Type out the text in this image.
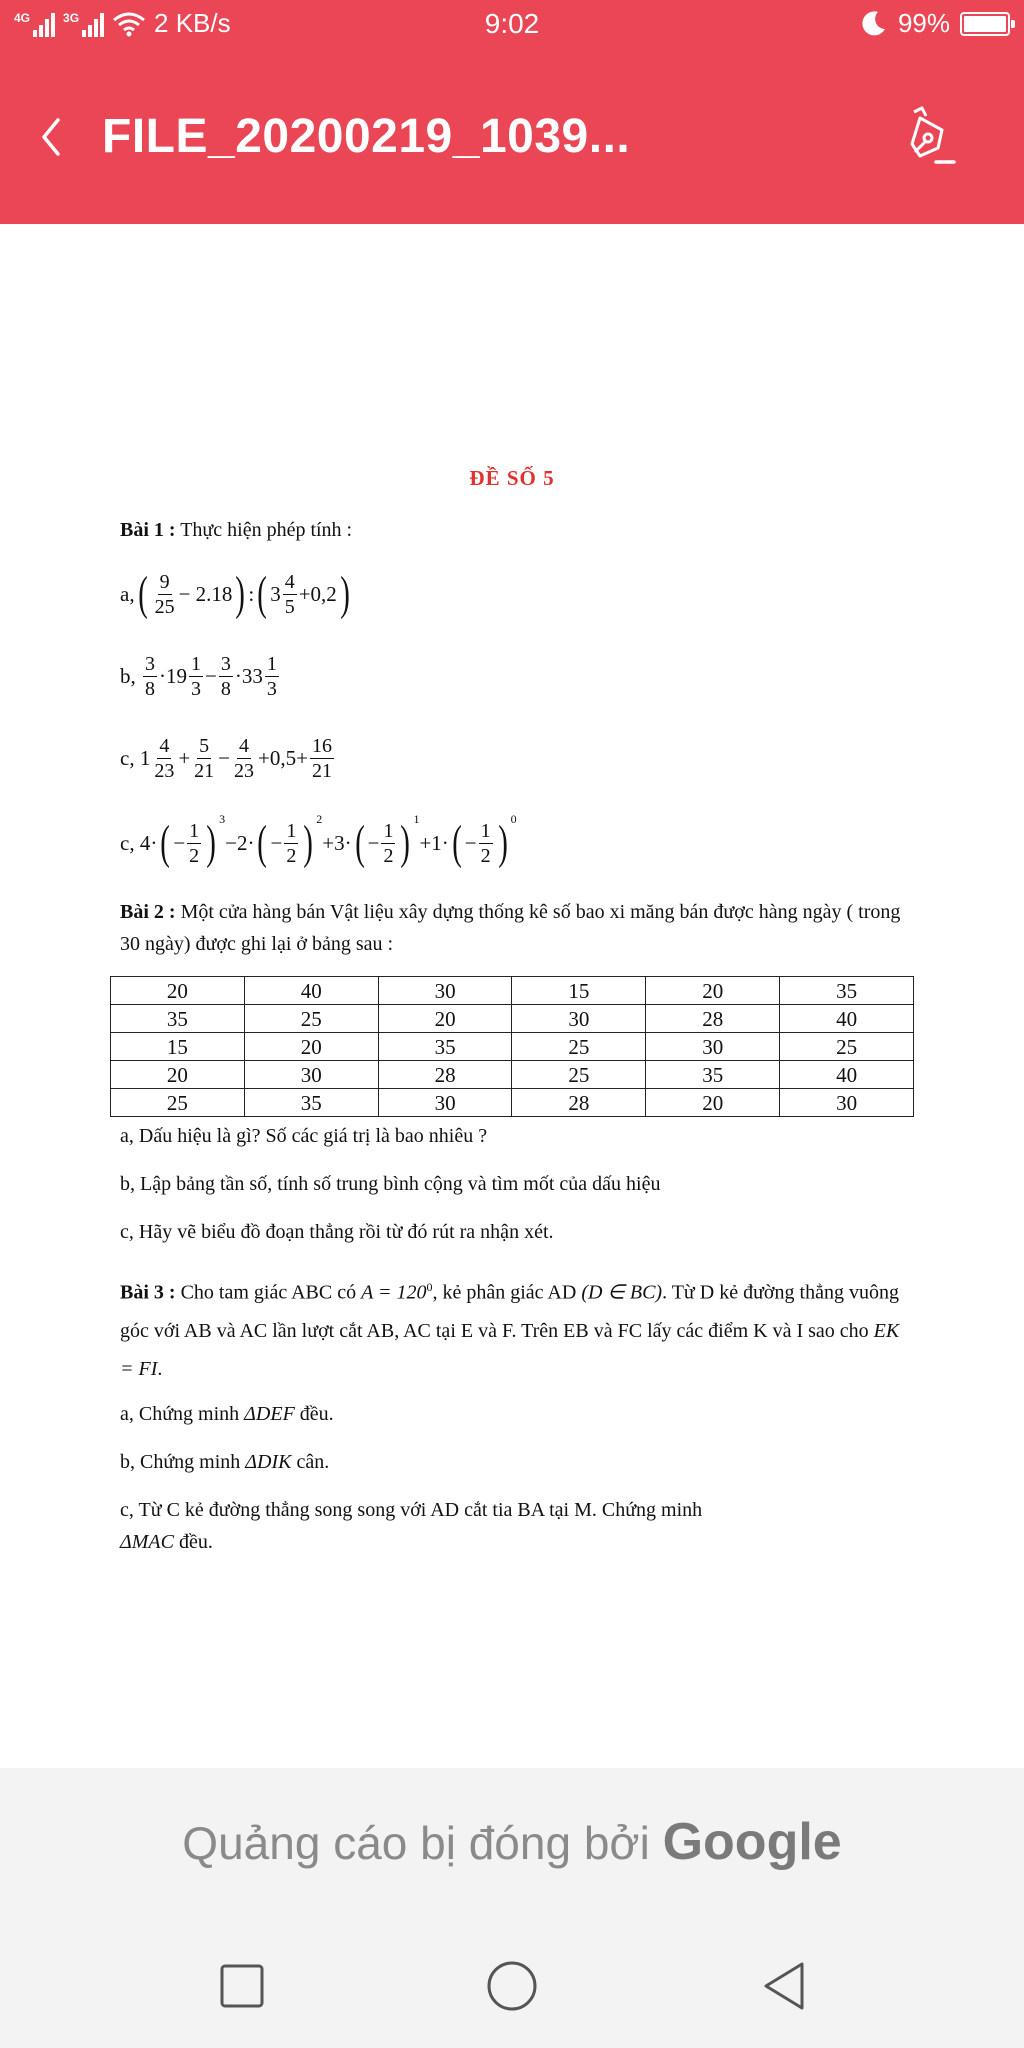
4G	3G	2 KB/s	9:02	99%
FILE_20200219_1039...
ĐỀ SỐ 5
Bài 1 : Thực hiện phép tính :
a, ( $\frac{9}{25} - 2.18$ ) : ( $3 \frac{4}{5} +0,2$ )
b,
$\frac{3}{8} \cdot 19 \frac{1}{3} - \frac{3}{8} \cdot 33 \frac{1}{3}$
c,
$1 \frac{4}{23} + \frac{5}{21} - \frac{4}{23} +0,5+ \frac{16}{21}$
c,
4· ( − $\frac{1}{2}$ ) 3
−2· ( − $\frac{1}{2}$ ) 2
+3· ( − $\frac{1}{2}$ ) 1
+1· ( − $\frac{1}{2}$ ) 0
Bài 2 : Một cửa hàng bán Vật liệu xây dựng thống kê số bao xi măng bán được hàng ngày ( trong 30 ngày) được ghi lại ở bảng sau :
20	40	30	15	20	35
35	25	20	30	28	40
15	20	35	25	30	25
20	30	28	25	35	40
25	35	30	28	20	30
a, Dấu hiệu là gì? Số các giá trị là bao nhiêu ?
b, Lập bảng tần số, tính số trung bình cộng và tìm mốt của dấu hiệu
c, Hãy vẽ biểu đồ đoạn thẳng rồi từ đó rút ra nhận xét.
Bài 3 : Cho tam giác ABC có $A = 120^0$, kẻ phân giác AD (D ∈ BC). Từ D kẻ đường thẳng vuông góc với AB và AC lần lượt cắt AB, AC tại E và F. Trên EB và FC lấy các điểm K và I sao cho EK = FI.
a, Chứng minh ΔDEF đều.
b, Chứng minh ΔDIK cân.
c, Từ C kẻ đường thẳng song song với AD cắt tia BA tại M. Chứng minh
ΔMAC đều.
Quảng cáo bị đóng bởi Google
